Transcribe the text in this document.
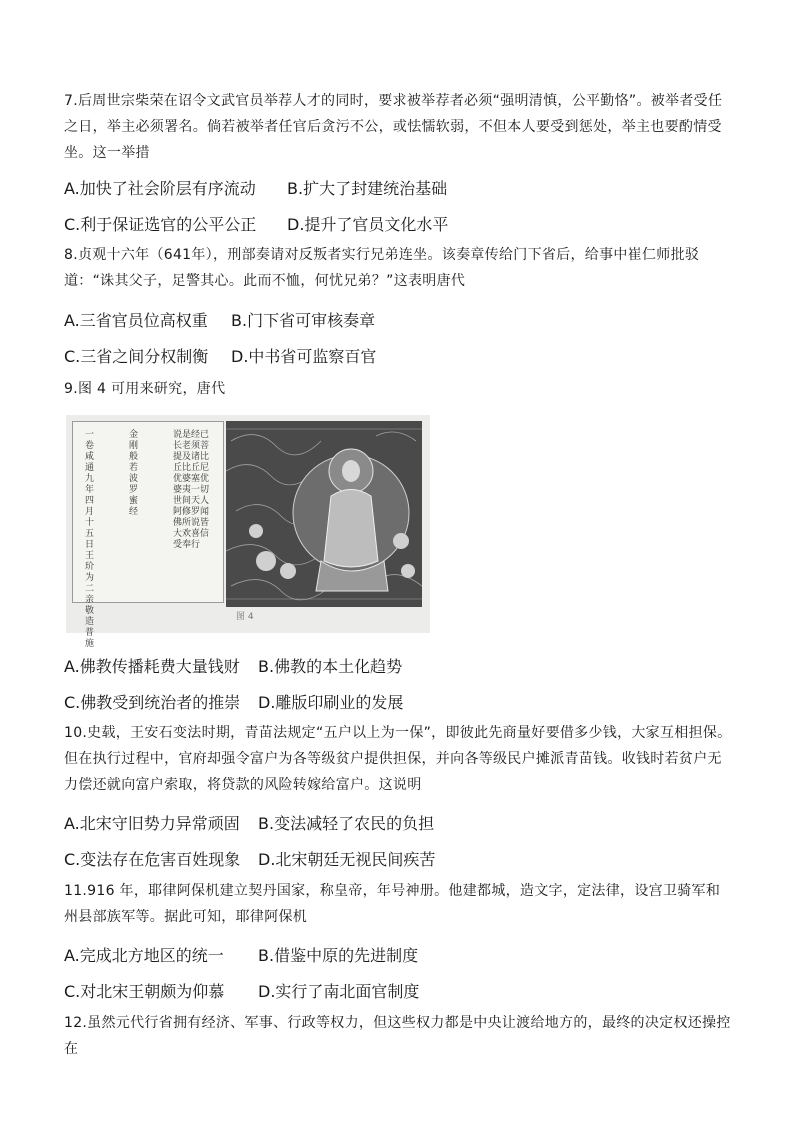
7.后周世宗柴荣在诏令文武官员举荐人才的同时，要求被举荐者必须“强明清慎，公平勤恪”。被举者受任之日，举主必须署名。倘若被举者任官后贪污不公，或怯懦软弱，不但本人要受到惩处，举主也要酌情受坐。这一举措
A.加快了社会阶层有序流动 B.扩大了封建统治基础
C.利于保证选官的公平公正 D.提升了官员文化水平
8.贞观十六年（641年），刑部奏请对反叛者实行兄弟连坐。该奏章传给门下省后，给事中崔仁师批驳道：“诛其父子，足警其心。此而不恤，何忧兄弟？”这表明唐代
A.三省官员位高权重 B.门下省可审核奏章
C.三省之间分权制衡 D.中书省可监察百官
9.图 4 可用来研究，唐代
一卷咸通九年四月十五日王玠为二亲敬造普施
金刚般若波罗蜜经
说是经已长老须菩提及诸比丘比丘尼优婆塞优婆夷一切世间天人阿修罗闻佛所说皆大欢喜信受奉行
图 4
A.佛教传播耗费大量钱财 B.佛教的本土化趋势
C.佛教受到统治者的推崇 D.雕版印刷业的发展
10.史载，王安石变法时期，青苗法规定“五户以上为一保”，即彼此先商量好要借多少钱，大家互相担保。但在执行过程中，官府却强令富户为各等级贫户提供担保，并向各等级民户摊派青苗钱。收钱时若贫户无力偿还就向富户索取，将贷款的风险转嫁给富户。这说明
A.北宋守旧势力异常顽固 B.变法减轻了农民的负担
C.变法存在危害百姓现象 D.北宋朝廷无视民间疾苦
11.916 年，耶律阿保机建立契丹国家，称皇帝，年号神册。他建都城，造文字，定法律，设宫卫骑军和州县部族军等。据此可知，耶律阿保机
A.完成北方地区的统一 B.借鉴中原的先进制度
C.对北宋王朝颇为仰慕 D.实行了南北面官制度
12.虽然元代行省拥有经济、军事、行政等权力，但这些权力都是中央让渡给地方的，最终的决定权还操控在
